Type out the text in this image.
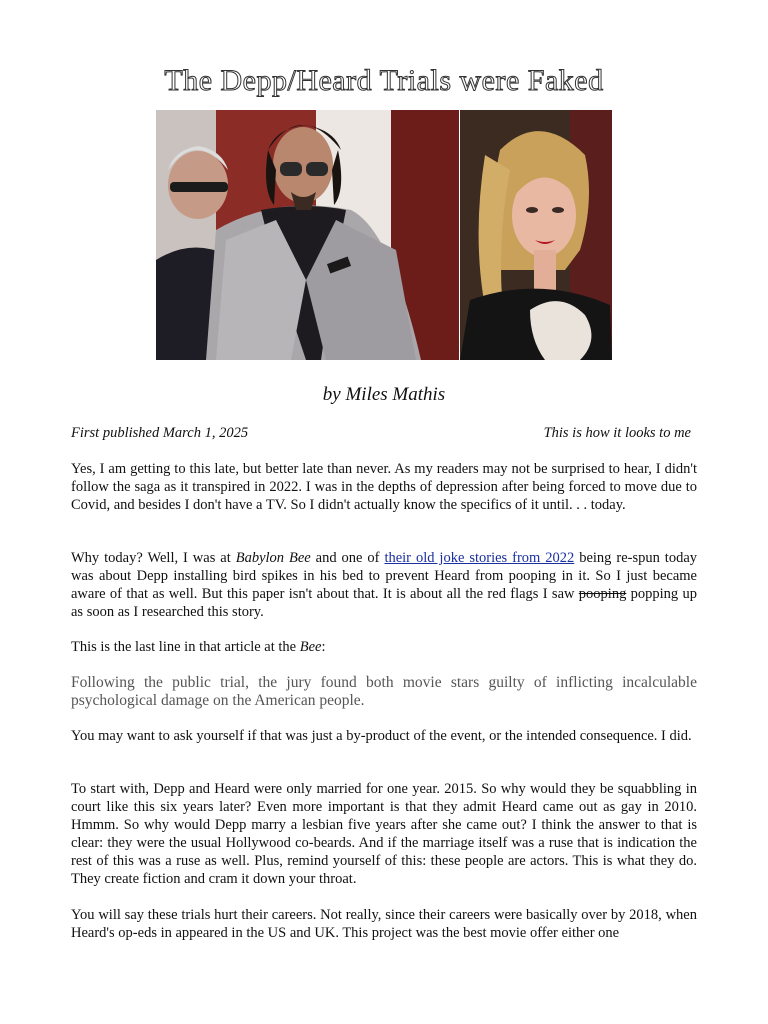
The Depp/Heard Trials were Faked
by Miles Mathis
First published March 1, 2025	This is how it looks to me
Yes, I am getting to this late, but better late than never. As my readers may not be surprised to hear, I didn't follow the saga as it transpired in 2022. I was in the depths of depression after being forced to move due to Covid, and besides I don't have a TV. So I didn't actually know the specifics of it until. . . today.
Why today? Well, I was at Babylon Bee and one of their old joke stories from 2022 being re-spun today was about Depp installing bird spikes in his bed to prevent Heard from pooping in it. So I just became aware of that as well. But this paper isn't about that. It is about all the red flags I saw pooping popping up as soon as I researched this story.
This is the last line in that article at the Bee:
Following the public trial, the jury found both movie stars guilty of inflicting incalculable psychological damage on the American people.
You may want to ask yourself if that was just a by-product of the event, or the intended consequence. I did.
To start with, Depp and Heard were only married for one year. 2015. So why would they be squabbling in court like this six years later? Even more important is that they admit Heard came out as gay in 2010. Hmmm. So why would Depp marry a lesbian five years after she came out? I think the answer to that is clear: they were the usual Hollywood co-beards. And if the marriage itself was a ruse that is indication the rest of this was a ruse as well. Plus, remind yourself of this: these people are actors. This is what they do. They create fiction and cram it down your throat.
You will say these trials hurt their careers. Not really, since their careers were basically over by 2018, when Heard's op-eds in appeared in the US and UK. This project was the best movie offer either one
